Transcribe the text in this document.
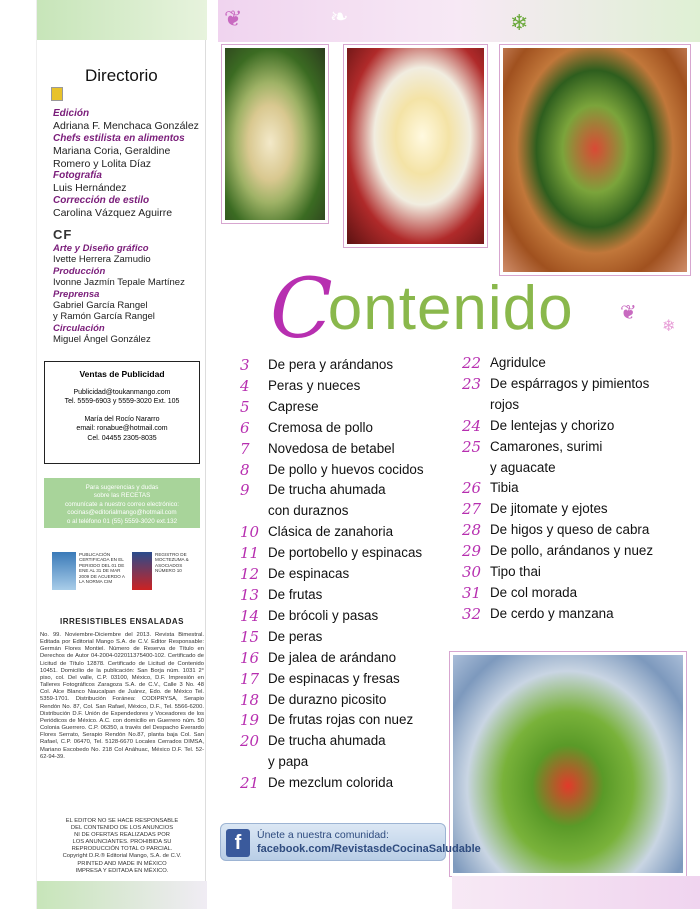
Directorio
Edición
Adriana F. Menchaca González
Chefs estilista en alimentos
Mariana Coria, Geraldine
Romero y Lolita Díaz
Fotografía
Luis Hernández
Corrección de estilo
Carolina Vázquez Aguirre
CF
Arte y Diseño gráfico
Ivette Herrera Zamudio
Producción
Ivonne Jazmín Tepale Martínez
Preprensa
Gabriel García Rangel
y Ramón García Rangel
Circulación
Miguel Ángel González
Ventas de Publicidad
Publicidad@toukanmango.com
Tel. 5559-6903 y 5559-3020 Ext. 105
María del Rocío Nararro
email: ronabue@hotmail.com
Cel. 04455 2305-8035
Para sugerencias y dudas
sobre las RECETAS
comunícate a nuestro correo electrónico:
cocinas@editorialmango@hotmail.com
o al teléfono 01 (55) 5559-3020 ext.132
PUBLICACIÓN CERTIFICADA EN EL PERIODO DEL 01 DE ENE AL 31 DE MAR 2009 DE ACUERDO A LA NORMA CIM
REGISTRO DE MOCTEZUMA & ASOCIADOS NÚMERO 10
IRRESISTIBLES ENSALADAS
No. 99. Noviembre-Diciembre del 2013. Revista Bimestral. Editada por Editorial Mango S.A. de C.V. Editor Responsable: Germán Flores Montiel. Número de Reserva de Título en Derechos de Autor 04-2004-022011375400-102. Certificado de Licitud de Título 12878. Certificado de Licitud de Contenido 10451. Domicilio de la publicación: San Borja núm. 1031 2° piso, col. Del valle, C.P. 03100, México, D.F. Impresión en Talleres Fotográficos Zaragoza S.A. de C.V., Calle 3 No. 48 Col. Alce Blanco Naucalpan de Juárez, Edo. de México Tel. 5359-1701. Distribución Foránea: CODIPRYSA, Serapio Rendón No. 87, Col. San Rafael, México, D.F., Tel. 5566-6200. Distribución D.F. Unión de Expendedores y Voceadores de los Periódicos de México. A.C. con domicilio en Guerrero núm. 50 Colonia Guerrero. C.P. 06350, a través del Despacho Everardo Flores Serrato, Serapio Rendón No.87, planta baja Col. San Rafael, C.P. 06470, Tel. 5128-6670 Locales Cerrados DIMSA, Mariano Escobedo No. 218 Col Anáhuac, México D.F. Tel. 52-62-94-39.
EL EDITOR NO SE HACE RESPONSABLE
DEL CONTENIDO DE LOS ANUNCIOS
NI DE OFERTAS REALIZADAS POR
LOS ANUNCIANTES. PROHIBIDA SU
REPRODUCCIÓN TOTAL O PARCIAL.
Copyright D.R.® Editorial Mango, S.A. de C.V.
PRINTED AND MADE IN MÉXICO
IMPRESA Y EDITADA EN MÉXICO.
❦	❧	❄
❦
❄
Contenido
3 De pera y arándanos
4 Peras y nueces
5 Caprese
6 Cremosa de pollo
7 Novedosa de betabel
8 De pollo y huevos cocidos
9 De trucha ahumada
con duraznos
10 Clásica de zanahoria
11 De portobello y espinacas
12 De espinacas
13 De frutas
14 De brócoli y pasas
15 De peras
16 De jalea de arándano
17 De espinacas y fresas
18 De durazno picosito
19 De frutas rojas con nuez
20 De trucha ahumada
y papa
21 De mezclum colorida
22 Agridulce
23 De espárragos y pimientos
rojos
24 De lentejas y chorizo
25 Camarones, surimi
y aguacate
26 Tibia
27 De jitomate y ejotes
28 De higos y queso de cabra
29 De pollo, arándanos y nuez
30 Tipo thai
31 De col morada
32 De cerdo y manzana
f	Únete a nuestra comunidad:
facebook.com/RevistasdeCocinaSaludable
